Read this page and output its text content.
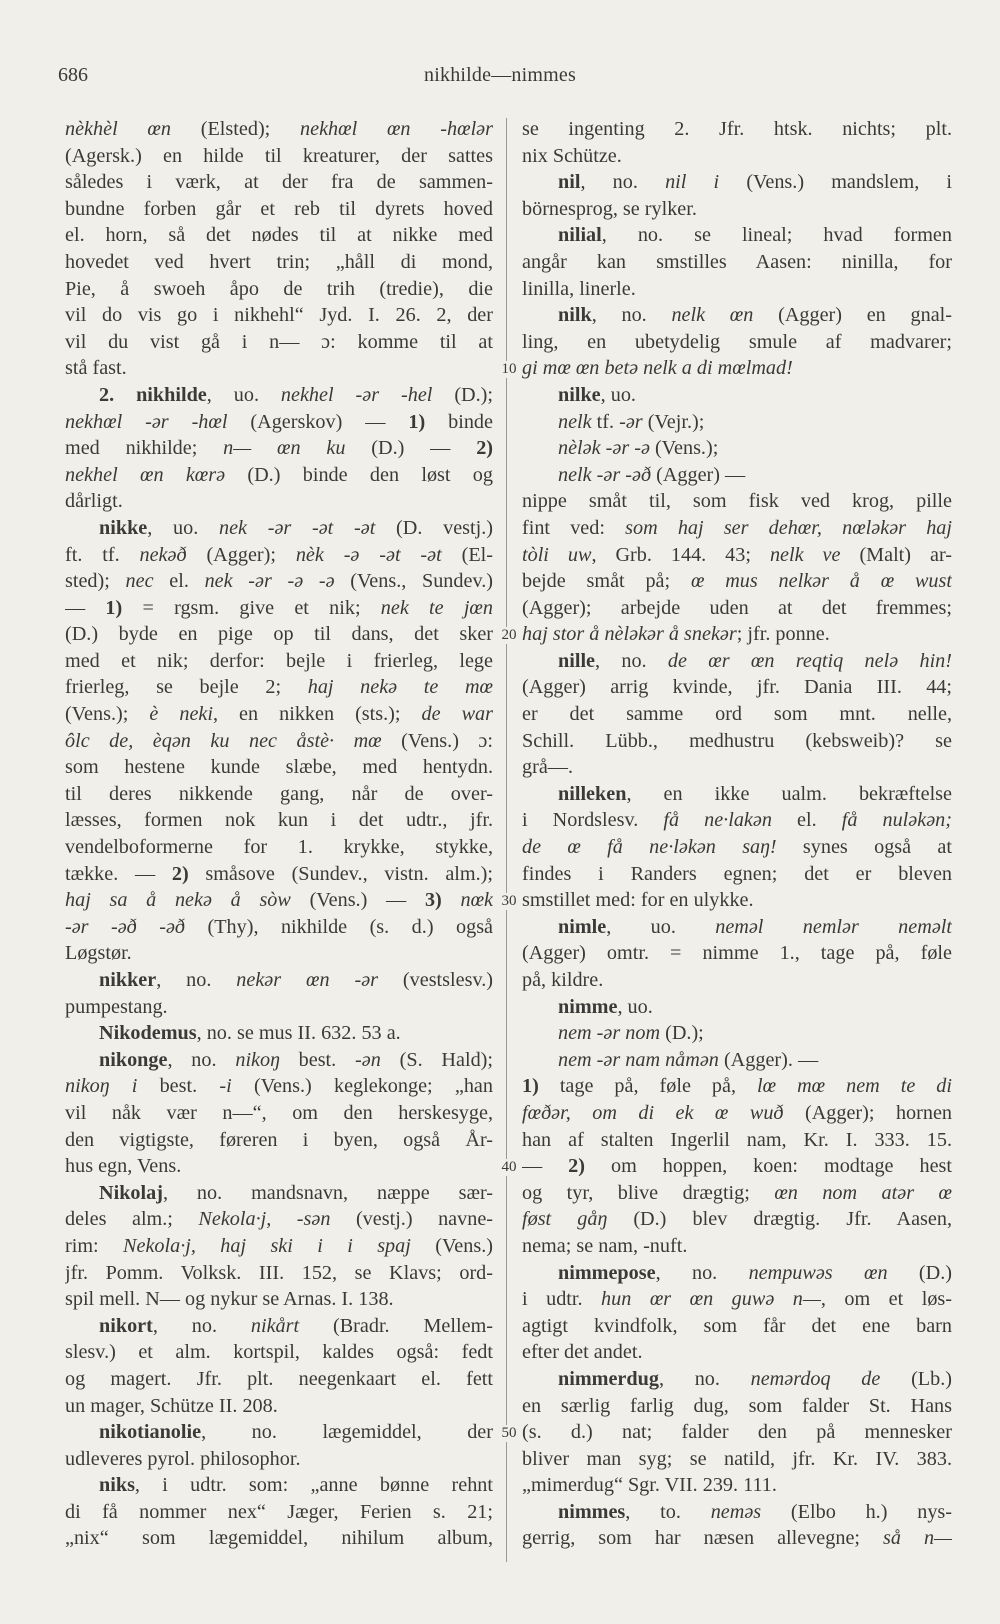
686	nikhilde—nimmes
10
20
30
40
50
nèkhèl œn (Elsted); nekhœl œn -hœlər
(Agersk.) en hilde til kreaturer, der sattes
således i værk, at der fra de sammen-
bundne forben går et reb til dyrets hoved
el. horn, så det nødes til at nikke med
hovedet ved hvert trin; „håll di mond,
Pie, å swoeh åpo de trih (tredie), die
vil do vis go i nikhehl“ Jyd. I. 26. 2, der
vil du vist gå i n— ɔ: komme til at
stå fast.
2. nikhilde, uo. nekhel -ər -hel (D.);
nekhœl -ər -hœl (Agerskov) — 1) binde
med nikhilde; n— œn ku (D.) — 2)
nekhel œn kœrə (D.) binde den løst og
dårligt.
nikke, uo. nek -ər -ət -ət (D. vestj.)
ft. tf. nekəð (Agger); nèk -ə -ət -ət (El-
sted); nec el. nek -ər -ə -ə (Vens., Sundev.)
— 1) = rgsm. give et nik; nek te jœn
(D.) byde en pige op til dans, det sker
med et nik; derfor: bejle i frierleg, lege
frierleg, se bejle 2; haj nekə te mœ
(Vens.); è neki, en nikken (sts.); de war
ôlc de, èqən ku nec åstè· mœ (Vens.) ɔ:
som hestene kunde slæbe, med hentydn.
til deres nikkende gang, når de over-
læsses, formen nok kun i det udtr., jfr.
vendelboformerne for 1. krykke, stykke,
tække. — 2) småsove (Sundev., vistn. alm.);
haj sa å nekə å sòw (Vens.) — 3) nœk
-ər -əð -əð (Thy), nikhilde (s. d.) også
Løgstør.
nikker, no. nekər œn -ər (vestslesv.)
pumpestang.
Nikodemus, no. se mus II. 632. 53 a.
nikonge, no. nikoŋ best. -ən (S. Hald);
nikoŋ i best. -i (Vens.) keglekonge; „han
vil nåk vær n—“, om den herskesyge,
den vigtigste, føreren i byen, også År-
hus egn, Vens.
Nikolaj, no. mandsnavn, næppe sær-
deles alm.; Nekola·j, -sən (vestj.) navne-
rim: Nekola·j, haj ski i i spaj (Vens.)
jfr. Pomm. Volksk. III. 152, se Klavs; ord-
spil mell. N— og nykur se Arnas. I. 138.
nikort, no. nikårt (Bradr. Mellem-
slesv.) et alm. kortspil, kaldes også: fedt
og magert. Jfr. plt. neegenkaart el. fett
un mager, Schütze II. 208.
nikotianolie, no. lægemiddel, der
udleveres pyrol. philosophor.
niks, i udtr. som: „anne bønne rehnt
di få nommer nex“ Jæger, Ferien s. 21;
„nix“ som lægemiddel, nihilum album,
se ingenting 2. Jfr. htsk. nichts; plt.
nix Schütze.
nil, no. nil i (Vens.) mandslem, i
börnesprog, se rylker.
nilial, no. se lineal; hvad formen
angår kan smstilles Aasen: ninilla, for
linilla, linerle.
nilk, no. nelk œn (Agger) en gnal-
ling, en ubetydelig smule af madvarer;
gi mœ œn betə nelk a di mœlmad!
nilke, uo.
nelk tf. -ər (Vejr.);
nèlək -ər -ə (Vens.);
nelk -ər -əð (Agger) —
nippe småt til, som fisk ved krog, pille
fint ved: som haj ser dehœr, nœləkər haj
tòli uw, Grb. 144. 43; nelk ve (Malt) ar-
bejde småt på; œ mus nelkər å œ wust
(Agger); arbejde uden at det fremmes;
haj stor å nèləkər å snekər; jfr. ponne.
nille, no. de œr œn reqtiq nelə hin!
(Agger) arrig kvinde, jfr. Dania III. 44;
er det samme ord som mnt. nelle,
Schill. Lübb., medhustru (kebsweib)? se
grå—.
nilleken, en ikke ualm. bekræftelse
i Nordslesv. få ne·lakən el. få nuləkən;
de œ få ne·ləkən saŋ! synes også at
findes i Randers egnen; det er bleven
smstillet med: for en ulykke.
nimle, uo. neməl nemlər neməlt
(Agger) omtr. = nimme 1., tage på, føle
på, kildre.
nimme, uo.
nem -ər nom (D.);
nem -ər nam nåmən (Agger). —
1) tage på, føle på, lœ mœ nem te di
fœðər, om di ek œ wuð (Agger); hornen
han af stalten Ingerlil nam, Kr. I. 333. 15.
— 2) om hoppen, koen: modtage hest
og tyr, blive drægtig; œn nom atər œ
føst gåŋ (D.) blev drægtig. Jfr. Aasen,
nema; se nam, -nuft.
nimmepose, no. nempuwəs œn (D.)
i udtr. hun œr œn guwə n—, om et løs-
agtigt kvindfolk, som får det ene barn
efter det andet.
nimmerdug, no. nemərdoq de (Lb.)
en særlig farlig dug, som falder St. Hans
(s. d.) nat; falder den på mennesker
bliver man syg; se natild, jfr. Kr. IV. 383.
„mimerdug“ Sgr. VII. 239. 111.
nimmes, to. neməs (Elbo h.) nys-
gerrig, som har næsen allevegne; så n—
